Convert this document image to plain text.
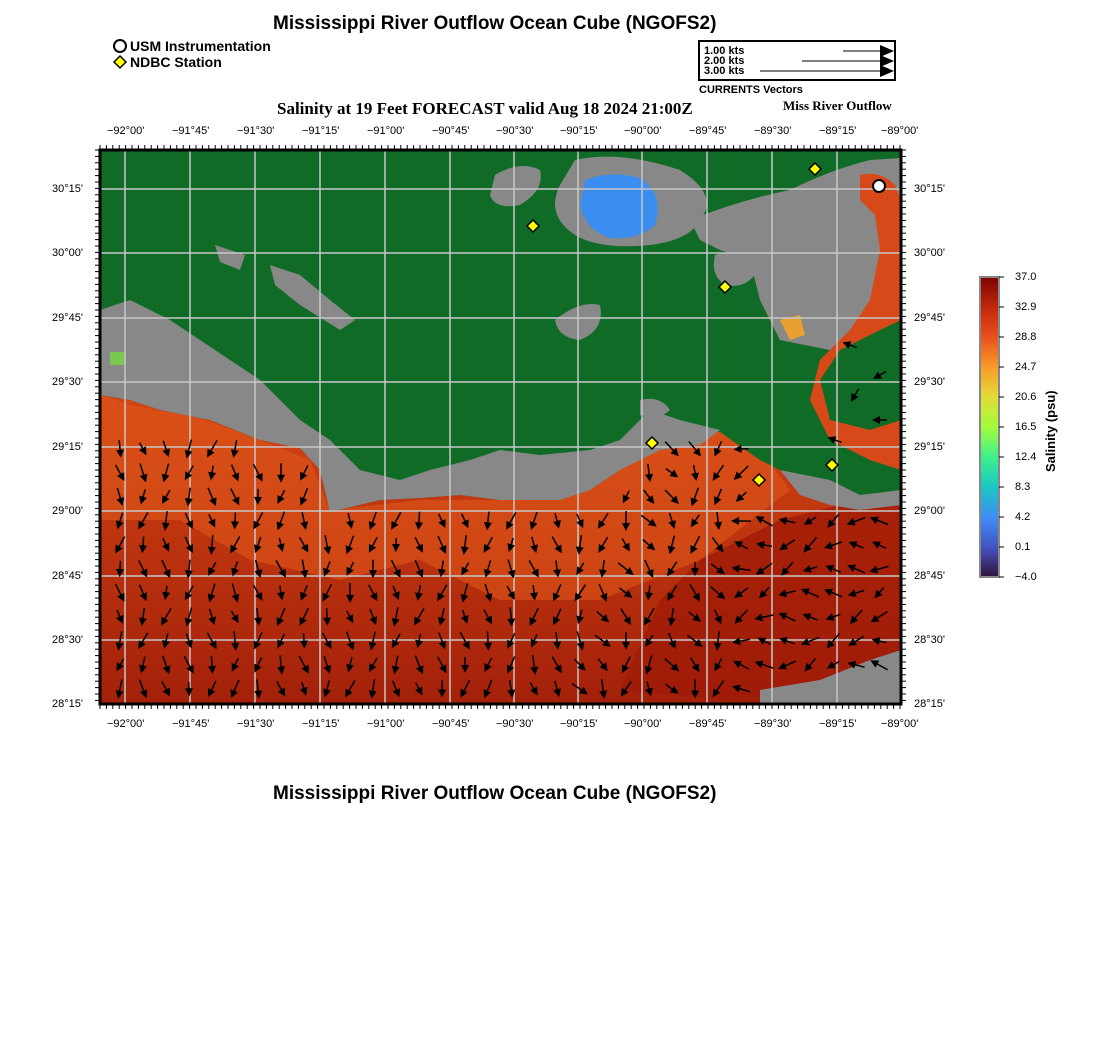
Mississippi River Outflow Ocean Cube (NGOFS2)
USM Instrumentation
NDBC Station
1.00 kts
2.00 kts
3.00 kts
CURRENTS Vectors
Salinity at 19 Feet FORECAST valid Aug 18 2024 21:00Z	Miss River Outflow
−92°00'	−91°45'	−91°30'	−91°15'	−91°00'	−90°45' −90°30' −90°15' −90°00'	−89°45'	−89°30'	−89°15' −89°00'
−92°00'	−91°45'	−91°30'	−91°15'	−91°00'	−90°45' −90°30' −90°15' −90°00'	−89°45'	−89°30'	−89°15' −89°00'
30°15'
30°00'
29°45'
29°30'
29°15'
29°00'
28°45'
28°30'
28°15'
30°15'
30°00'
29°45'
29°30'
29°15'
29°00'
28°45'
28°30'
28°15'
37.0
32.9
28.8
24.7
20.6
16.5
12.4
8.3
4.2
0.1
−4.0
Salinity (psu)
Mississippi River Outflow Ocean Cube (NGOFS2)
